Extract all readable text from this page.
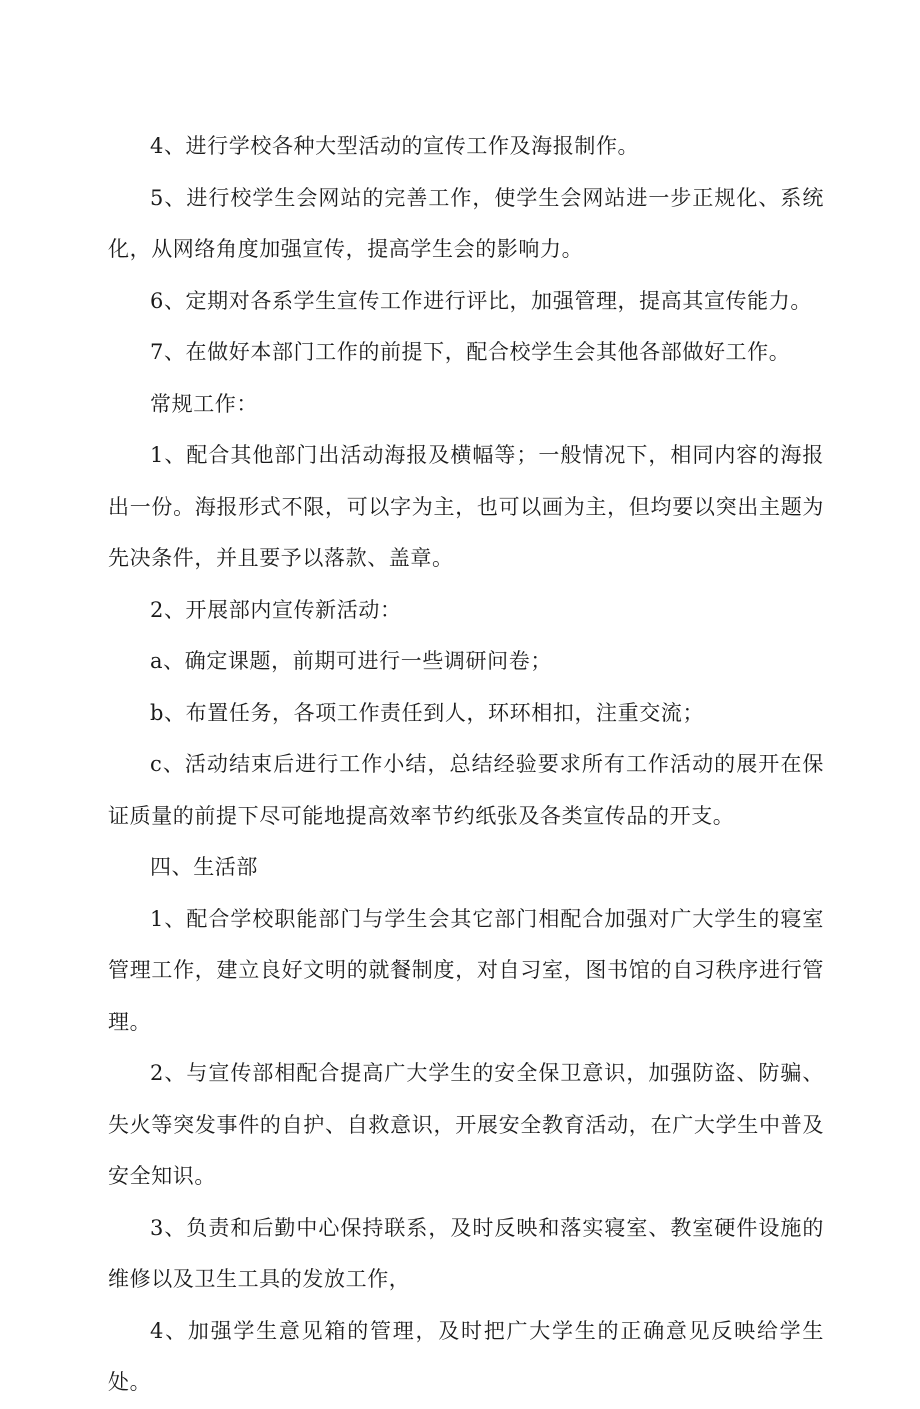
4、进行学校各种大型活动的宣传工作及海报制作。

5、进行校学生会网站的完善工作，使学生会网站进一步正规化、系统化，从网络角度加强宣传，提高学生会的影响力。

6、定期对各系学生宣传工作进行评比，加强管理，提高其宣传能力。

7、在做好本部门工作的前提下，配合校学生会其他各部做好工作。

常规工作：

1、配合其他部门出活动海报及横幅等；一般情况下，相同内容的海报出一份。海报形式不限，可以字为主，也可以画为主，但均要以突出主题为先决条件，并且要予以落款、盖章。

2、开展部内宣传新活动：

a、确定课题，前期可进行一些调研问卷；

b、布置任务，各项工作责任到人，环环相扣，注重交流；

c、活动结束后进行工作小结，总结经验要求所有工作活动的展开在保证质量的前提下尽可能地提高效率节约纸张及各类宣传品的开支。

四、生活部

1、配合学校职能部门与学生会其它部门相配合加强对广大学生的寝室管理工作，建立良好文明的就餐制度，对自习室，图书馆的自习秩序进行管理。

2、与宣传部相配合提高广大学生的安全保卫意识，加强防盗、防骗、失火等突发事件的自护、自救意识，开展安全教育活动，在广大学生中普及安全知识。

3、负责和后勤中心保持联系，及时反映和落实寝室、教室硬件设施的维修以及卫生工具的发放工作，

4、加强学生意见箱的管理，及时把广大学生的正确意见反映给学生处。
